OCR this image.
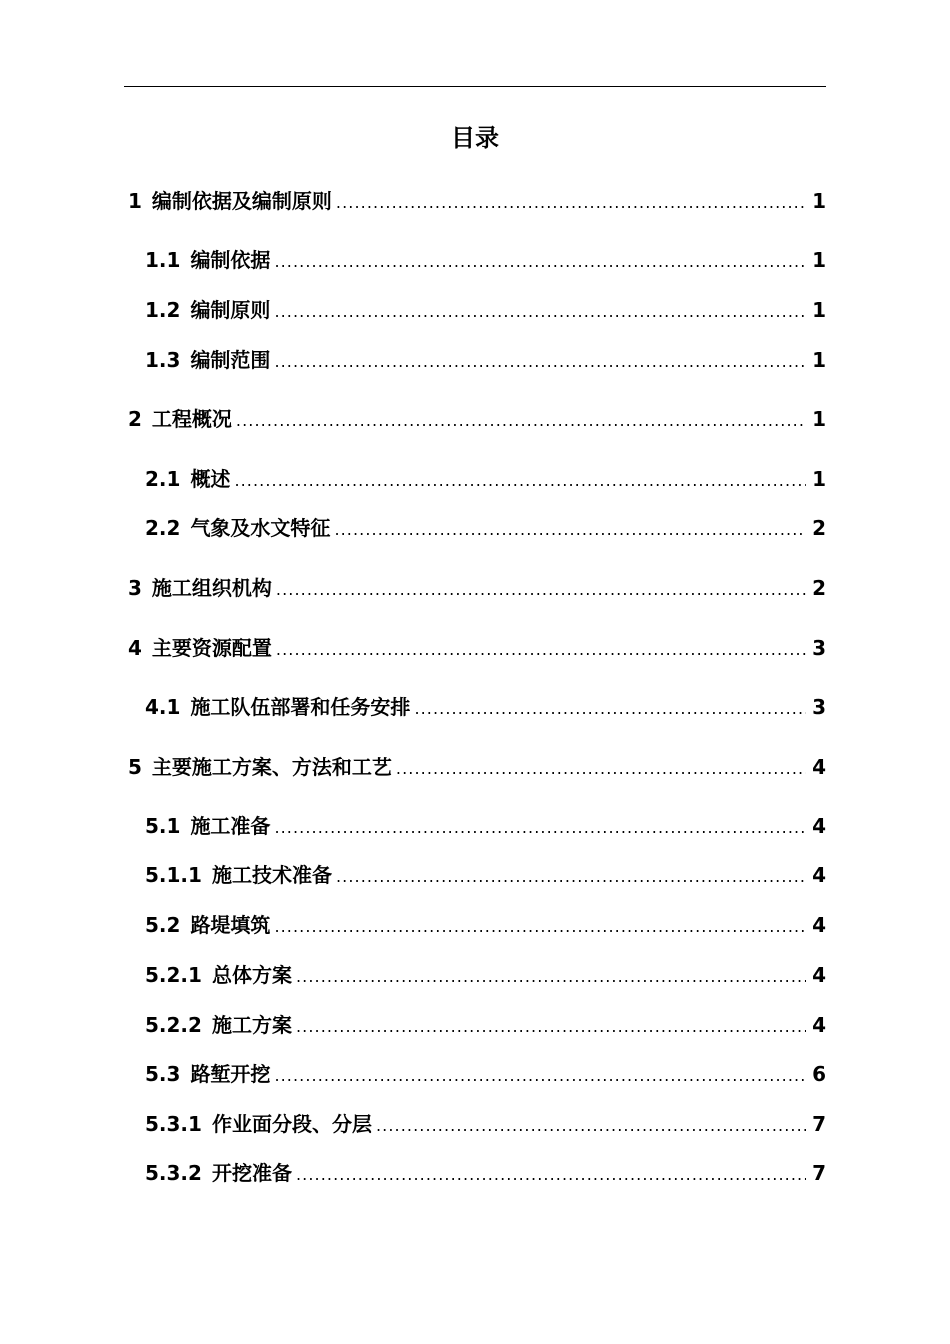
目录
1 编制依据及编制原则 .....	1
1.1 编制依据 .....	1
1.2 编制原则 .....	1
1.3 编制范围 .....	1
2 工程概况 .....	1
2.1 概述 .....	1
2.2 气象及水文特征 .....	2
3 施工组织机构 .....	2
4 主要资源配置 .....	3
4.1 施工队伍部署和任务安排 .....	3
5 主要施工方案、方法和工艺 .....	4
5.1 施工准备 .....	4
5.1.1 施工技术准备 .....	4
5.2 路堤填筑 .....	4
5.2.1 总体方案 .....	4
5.2.2 施工方案 .....	4
5.3 路堑开挖 .....	6
5.3.1 作业面分段、分层 .....	7
5.3.2 开挖准备 .....	7
